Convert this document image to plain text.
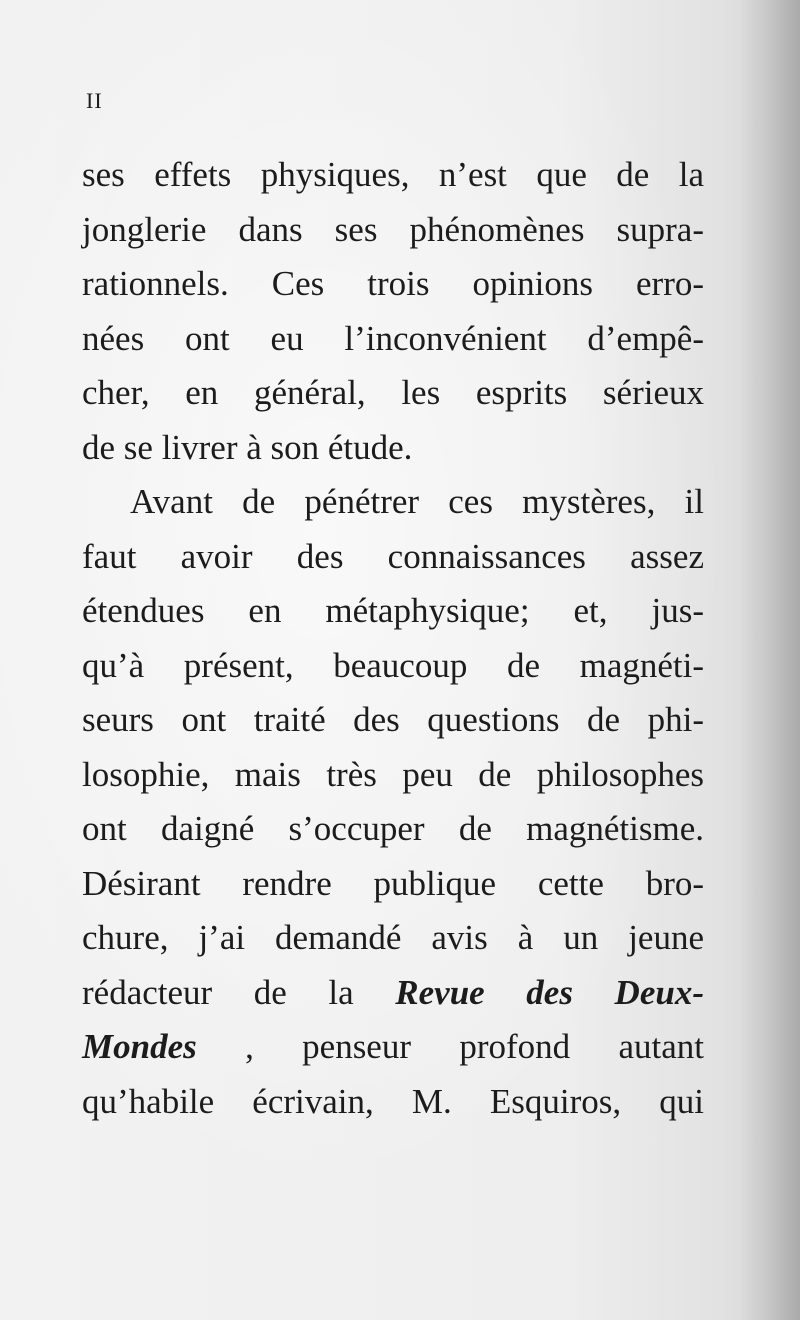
II
ses effets physiques, n’est que de la
jonglerie dans ses phénomènes supra-
rationnels. Ces trois opinions erro-
nées ont eu l’inconvénient d’empê-
cher, en général, les esprits sérieux
de se livrer à son étude.
Avant de pénétrer ces mystères, il
faut avoir des connaissances assez
étendues en métaphysique; et, jus-
qu’à présent, beaucoup de magnéti-
seurs ont traité des questions de phi-
losophie, mais très peu de philosophes
ont daigné s’occuper de magnétisme.
Désirant rendre publique cette bro-
chure, j’ai demandé avis à un jeune
rédacteur de la Revue des Deux-
Mondes , penseur profond autant
qu’habile écrivain, M. Esquiros, qui
